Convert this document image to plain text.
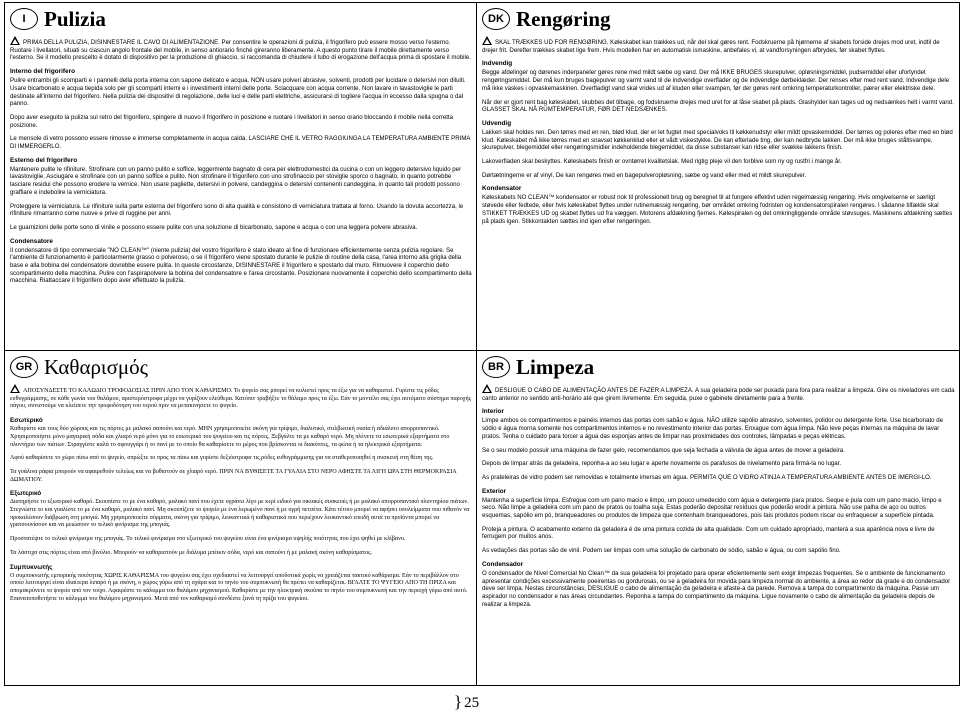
I Pulizia

PRIMA DELLA PULIZIA, DISINNESTARE IL CAVO DI ALIMENTAZIONE. Per consentire le operazioni di pulizia, il frigorifero può essere mosso verso l'esterno. Ruotare i livellatori, situati su ciascun angolo frontale del mobile, in senso antiorario finché gireranno liberamente. A questo punto tirare il mobile direttamente verso l'esterno. Se il modello prescelto è dotato di dispositivo per la produzione di ghiaccio, si raccomanda di chiudere il tubo di erogazione dell'acqua prima di spostare il mobile.

Interno del frigorifero

Pulire entrambi gli scomparti e i pannelli della porta interna con sapone delicato e acqua. NON usare polveri abrasive, solventi, prodotti per lucidare o detersivi non diluiti. Usare bicarbonato e acqua tiepida solo per gli scomparti interni e i investimenti interni delle porte. Sciacquare con acqua corrente. Non lavare in lavastoviglie le parti destinate all'interno del frigorifero. Nella pulizia dei dispositivi di regolazione, delle luci e delle parti elettriche, assicurarsi di togliere l'acqua in eccesso dalla spugna o dal panno.

Dopo aver eseguito la pulizia sul retro del frigorifero, spingere di nuovo il frigorifero in posizione e ruotare i livellatori in senso orario bloccando il mobile nella corretta posizione.

Le mensole di vetro possono essere rimosse e immerse completamente in acqua calda. LASCIARE CHE IL VETRO RAGGIUNGA LA TEMPERATURA AMBIENTE PRIMA DI IMMERGERLO.

Esterno del frigorifero

Mantenere pulite le rifiniture. Strofinare con un panno pulito e soffice, leggermente bagnato di cera per elettrodomestici da cucina o con un leggero detersivo liquido per lavastoviglie. Asciugare e strofinare con un panno soffice e pulito. Non strofinare il frigorifero con uno strofinaccio per stoviglie sporco o bagnato, in quanto potrebbe lasciare residui che possono erodere la vernice. Non usare pagliette, detersivi in polvere, candeggina o detersivi contenenti candeggina, in quanto tali prodotti possono graffiare e indebolire la verniciatura.

Proteggere la verniciatura. Le rifiniture sulla parte esterna del frigorifero sono di alta qualità e consistono di verniciatura trattata al forno. Usando la dovuta accortezza, le rifiniture rimarranno come nuove e prive di ruggine per anni.

Le guarnizioni delle porte sono di vinile e possono essere pulite con una soluzione di bicarbonato, sapone e acqua o con una leggera polvere abrasiva.

Condensatore

Il condensatore di tipo commerciale "NO CLEAN™" (niente pulizia) del vostro frigorifero è stato ideato al fine di funzionare efficientemente senza pulizia regolare. Se l'ambiente di funzionamento è particolarmente grasso o polveroso, o se il frigorifero viene spostato durante le pulizie di routine della casa, l'area intorno alla griglia della base e alla bobina del condensatore dovrebbe essere pulita. In queste circostanze, DISINNESTARE il frigorifero e spostarlo dal muro. Rimuovere il coperchio dello scompartimento della macchina. Pulire con l'aspirapolvere la bobina del condensatore e l'area circostante. Posizionare nuovamente il coperchio dello scompartimento della macchina. Riattaccare il frigorifero dopo aver effettuato la pulizia.

DK Rengøring

SKAL TRÆKKES UD FOR RENGØRING. Køleskabet kan trækkes ud, når del skal gøres rent. Fodskruerne på hjørnerne af skabets forside drejes mod uret, indtil de drejer frit. Derefter trækkes skabet lige frem. Hvis modellen har en automatisk ismaskine, anbefales vi, at vandforsyningen afbrydes, før skabet flyttes.

Indvendig

Begge afdelinger og dørenes inderpaneler gøres rene med mildt sæbe og vand. Der må IKKE BRUGES skurepulver, opløsningsmiddel, pudsemiddel eller ufortyndet rengøringsmiddel. Der må kun bruges bagepulver og varmt vand til de indvendige overflader og de indvendige dørbeklæder. Der renses efter med rent vand. Indvendige dele må ikke vaskes i opvaskemaskinen. Overfladigt vand skal vrides ud af kluden eller svampen, før der gøres rent omkring temperaturkontroller, pærer eller elektriske dele.

Når der er gjort rent bag køleskabet, skubbes det tilbage, og fodskruerne drejes med uret for at låse skabet på plads. Glashylder kan tages ud og nedsænkes helt i varmt vand. GLASSET SKAL NÅ RUMTEMPERATUR, FØR DET NEDSÆNKES.

Udvendig

Lakken skal holdes ren. Den tørres med en ren, blød klud, der er let fugtet med specialvoks til køkkenudstyr eller mildt opvaskemiddel. Der tørres og poleres efter med en blød klud. Køleskabet må ikke tørres med en snavset køkkenklud eller et vådt viskestykke. De kan efterlade ting, der kan nedbryde lakken. Der må ikke bruges ståltsvampe, skurepulver, blegemiddel eller rengøringsmidler indeholdende blegemiddel, da disse substanser kan ridse eller svække lakkens finish.

Lakoverfladen skal beskyttes. Køleskabets finish er ovntørret kvalitetslak. Med rigtig pleje vil den forblive som ny og rustfri i mange år.

Dørtætningerne er af vinyl. De kan rengøres med en bagepulveropløsning, sæbe og vand eller med et mildt skurepulver.

Kondensator

Køleskabets NO CLEAN™ kondensator er robust nok til professionelt brug og beregnet til at fungere effektivt uden regelmæssig rengøring. Hvis omgivelserne er særligt støvede eller fedtede, eller hvis køleskabet flyttes under rutinemæssig rengøring, bør området omkring fodristen og kondensatorspiralen rengøres. I sådanne tilfælde skal STIKKET TRÆKKES UD og skabet flyttes ud fra væggen. Motorens afdækning fjernes. Kølespiralen og det omkringliggende område støvsuges. Maskinens afdækning sættes på plads igen. Stikkontakten sættes ind igen efter rengøringen.

GR Καθαρισμός

ΑΠΟΣΥΝΔΕΣΤΕ ΤΟ ΚΑΛΩΔΙΟ ΤΡΟΦΟΔΟΣΙΑΣ ΠΡΙΝ ΑΠΟ ΤΟΝ ΚΑΘΑΡΙΣΜΟ. Το ψυγείο σας μπορεί να κυλιστεί προς τα έξω για να καθαριστεί. Γυρίστε τις ρόδες ευθυγράμμισης, σε κάθε γωνία του θαλάμου, αριστερόστροφα μέχρι να γυρίζουν ελεύθερα. Κατόπιν τραβήξτε το θάλαμο προς τα έξω. Εάν το μοντέλο σας έχει αυτόματο σύστημα παροχής πάγου, συνιστούμε να κλείσετε την τροφοδότηση του νερού πριν να μετακινήσετε το ψυγείο.

Εσωτερικό

Καθαρίστε και τους δύο χώρους και τις πόρτες με μαλακό σαπούνι και νερό. ΜΗΝ χρησιμοποιείτε σκόνη για τρίψιμο, διαλυτικό, στιλβωτική ουσία ή αδιάλυτο απορρυπαντικό. Χρησιμοποιήστε μόνο μαγειρική σόδα και χλιαρό νερό μόνο για το εσωτερικό του ψυγείου και τις πόρτες. Ξεβγάλτε τα με καθαρό νερό. Μη πλένετε τα εσωτερικά εξαρτήματα στο πλυντήριο των πιάτων. Στραγγίστε καλά το σφουγγάρι ή το πανί με το οποίο θα καθαρίσετε το μέρος που βρίσκονται οι διακόπτες, τα φώτα ή τα ηλεκτρικά εξαρτήματα.

Αφού καθαρίσετε το χώρο πίσω από το ψυγείο, σπρώξτε το προς τα πίσω και γυρίστε δεξιόστροφα τις ρόδες ευθυγράμμισης για να σταθεροποιηθεί η συσκευή στη θέση της.

Τα γυάλινα ράφια μπορούν να αφαιρεθούν τελείως και να βυθιστούν σε χλιαρό νερό. ΠΡΙΝ ΝΑ ΒΥΘΙΣΕΤΕ ΤΑ ΓΥΑΛΙΑ ΣΤΟ ΝΕΡΟ ΑΦΗΣΤΕ ΤΑ ΛΙΓΗ ΩΡΑ ΣΤΗ ΘΕΡΜΟΚΡΑΣΙΑ ΔΩΜΑΤΙΟΥ.

Εξωτερικό

Διατηρήστε το εξωτερικό καθαρό. Σκουπίστε το με ένα καθαρό, μαλακό πανί που έχετε υγράνει λίγο με κερί ειδικό για οικιακές συσκευές ή με μαλακό απορρυπαντικό πλυντηρίου πιάτων. Στεγνώστε το και γυαλίστε το με ένα καθαρό, μαλακό πανί. Μη σκουπίζετε το ψυγείο με ένα λερωμένο πανί ή με υγρή πετσέτα. Κάτι τέτοιο μπορεί να αφήσει υπολείμματα που πιθανόν να προκαλέσουν διάβρωση στη μπογιά. Μη χρησιμοποιείτε σύρματα, σκόνη για τρίψιμο, λευκαντικά ή καθαριστικά που περιέχουν λευκαντικό επειδή αυτά τα προϊόντα μπορεί να γρατσουνίσουν και να μειώσουν το τελικό φινίρισμα της μπογιάς.

Προστατέψτε το τελικό φινίρισμα της μπογιάς. Το τελικό φινίρισμα στο εξωτερικό του ψυγείου είναι ένα φινίρισμα υψηλής ποιότητας που έχει ψηθεί με κλίβανο.

Τα λάστιχα στις πόρτες είναι από βινύλιο. Μπορούν να καθαριστούν με διάλυμα μπέικιν σόδα, νερό και σαπούνι ή με μαλακή σκόνη καθαρίσματος.

Συμπυκνωτής

Ο συμπυκνωτής εμπορικής ποιότητας ΧΩΡΙΣ ΚΑΘΑΡΙΣΜΑ του ψυγείου σας έχει σχεδιαστεί να λειτουργεί αποδοτικά χωρίς να χρειάζεται τακτικό καθάρισμα. Εάν το περιβάλλον στο οποίο λειτουργεί είναι ιδιαίτερα λιπαρό ή με σκόνη, ο χώρος γύρω από τη σχάρα και το πηνίο του συμπυκνωτή θα πρέπει να καθαρίζεται. ΒΓΑΛΤΕ ΤΟ ΨΥΓΕΙΟ ΑΠΟ ΤΗ ΠΡΙΖΑ και απομακρύνετε το ψυγείο από τον τοίχο. Αφαιρέστε το κάλυμμα του θαλάμου μηχανισμού. Καθαρίστε με την ηλεκτρική σκούπα το πηνίο του συμπυκνωτή και την περιοχή γύρω από αυτό. Επανατοποθετήστε το κάλυμμα του θαλάμου μηχανισμού. Μετά από τον καθαρισμό συνδέστε ξανά τη πρίζα του ψυγείου.

BR Limpeza

DESLIGUE O CABO DE ALIMENTAÇÃO ANTES DE FAZER A LIMPEZA. A sua geladeira pode ser puxada para fora para realizar a limpeza. Gire os niveladores em cada canto anterior no sentido anti-horário até que girem livremente. Em seguida, puxe o gabinete diretamente para a frente.

Interior

Limpe ambos os compartimentos e painéis internos das portas com sabão e água. NÃO utilize sapólio abrasivo, solventes, polidor ou detergente forte. Use bicarbonato de sódio e água morna somente nos compartimentos internos e no revestimento interior das portas. Enxague com água limpa. Não leve peças internas na máquina de lavar pratos. Tenha o cuidado para torcer a água das esponjas antes de limpar nas proximidades dos controles, lâmpadas e peças elétricas.

Se o seu modelo possuir uma máquina de fazer gelo, recomendamos que seja fechada a válvula de água antes de mover a geladeira.

Depois de limpar atrás da geladeira, reponha-a ao seu lugar e aperte novamente os parafusos de nivelamento para firmá-la no lugar.

As prateleiras de vidro podem ser removidas e totalmente imersas em água. PERMITA QUE O VIDRO ATINJA A TEMPERATURA AMBIENTE ANTES DE IMERGI-LO.

Exterior

Mantenha a superfície limpa. Esfregue com um pano macio e limpo, um pouco umedecido com água e detergente para pratos. Seque e pula com um pano macio, limpo e seco. Não limpe a geladeira com um pano de pratos ou toalha suja. Estas poderão depositar resíduos que poderão erodir a pintura. Não use palha de aço ou outros esquemas, sapólio em pó, branqueadores ou produtos de limpeza que contenham branqueadores, pois tais produtos podem riscar ou enfraquecer a superfície pintada.

Proteja a pintura. O acabamento externo da geladeira é de uma pintura cozida de alta qualidade. Com um cuidado apropriado, manterá a sua aparência nova e livre de ferrugem por muitos anos.

As vedações das portas são de vinil. Podem ser limpas com uma solução de carbonato de sódio, sabão e água, ou com sapólio fino.

Condensador

O condensador de Nível Comercial No Clean™ da sua geladeira foi projetado para operar eficientemente sem exigir limpezas frequentes. Se o ambiente de funcionamento apresentar condições excessivamente poeirentas ou gordurosas, ou se a geladeira for movida para limpeza normal do ambiente, a área ao redor da grade e do condensador deve ser limpa. Nestas circunstâncias, DESLIGUE o cabo de alimentação da geladeira e afaste-a da parede. Remova a tampa do compartimento da máquina. Passe um aspirador no condensador e nas áreas circundantes. Reponha a tampa do compartimento da máquina. Ligue novamente o cabo de alimentação da geladeira depois de realizar a limpeza.

} 25
